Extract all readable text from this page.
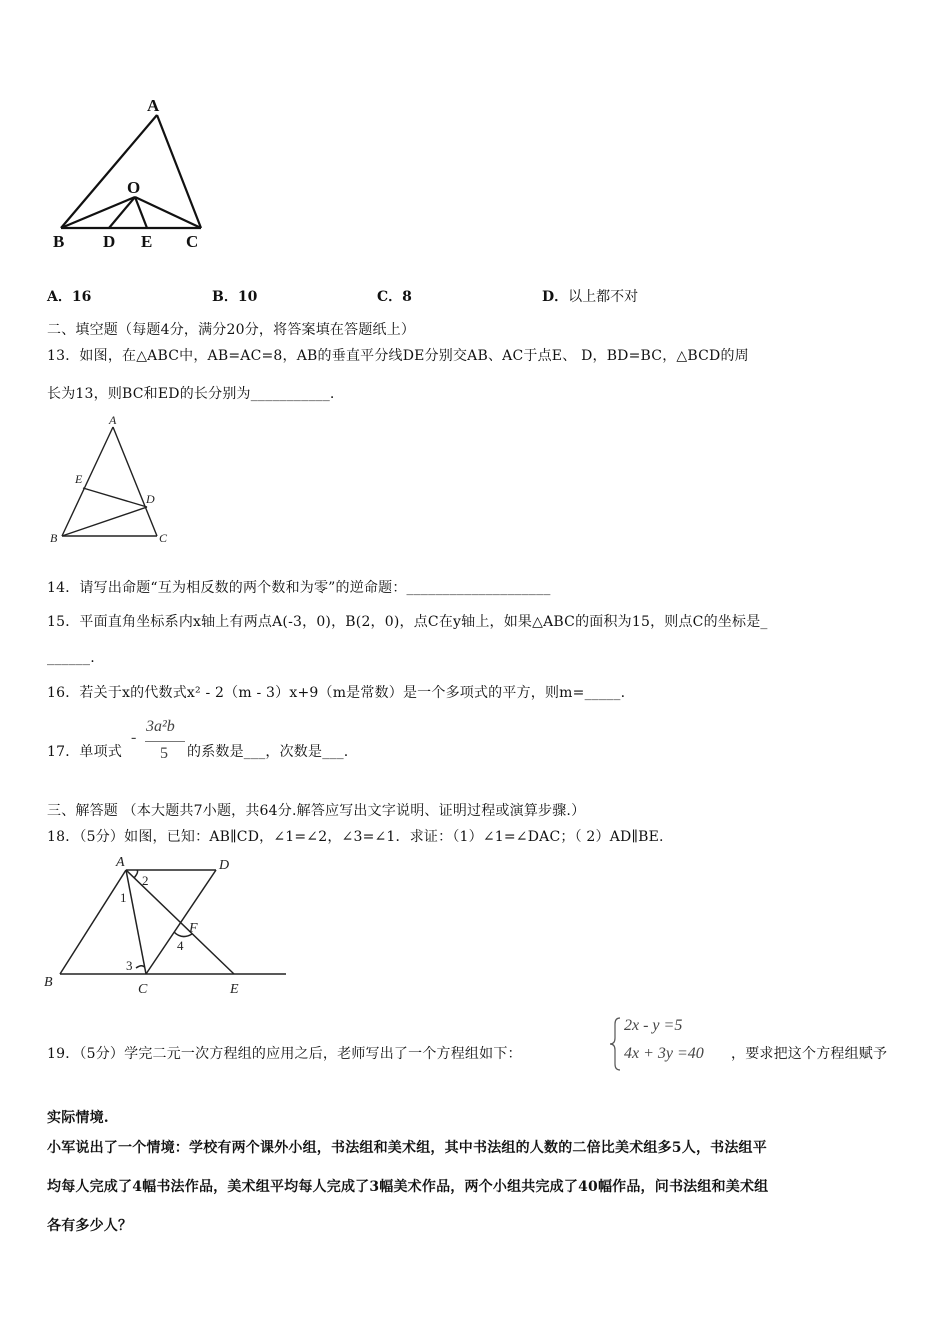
A
O
B D E C
A．16	B．10	C．8	D．以上都不对
二、填空题（每题4分，满分20分，将答案填在答题纸上）
13．如图，在△ABC中，AB=AC=8，AB的垂直平分线DE分别交AB、AC于点E、 D，BD=BC，△BCD的周
长为13，则BC和ED的长分别为___________.
A
E
D
B	C
14．请写出命题“互为相反数的两个数和为零”的逆命题：____________________
15．平面直角坐标系内x轴上有两点A(-3，0)，B(2，0)，点C在y轴上，如果△ABC的面积为15，则点C的坐标是_
______.
16．若关于x的代数式x² - 2（m - 3）x+9（m是常数）是一个多项式的平方，则m=_____.
17．单项式
-
3a²b
5 的系数是___，次数是___.
三、解答题 （本大题共7小题，共64分.解答应写出文字说明、证明过程或演算步骤.）
18．（5分）如图，已知：AB∥CD，∠1=∠2，∠3=∠1．求证：（1）∠1=∠DAC；（ 2）AD∥BE.
A	D
B	C	E
F
1
2
3
4
19．（5分）学完二元一次方程组的应用之后，老师写出了一个方程组如下：
2x - y =5
4x + 3y =40 ，要求把这个方程组赋予
实际情境.
小军说出了一个情境：学校有两个课外小组，书法组和美术组，其中书法组的人数的二倍比美术组多5人，书法组平
均每人完成了4幅书法作品，美术组平均每人完成了3幅美术作品，两个小组共完成了40幅作品，问书法组和美术组
各有多少人？
